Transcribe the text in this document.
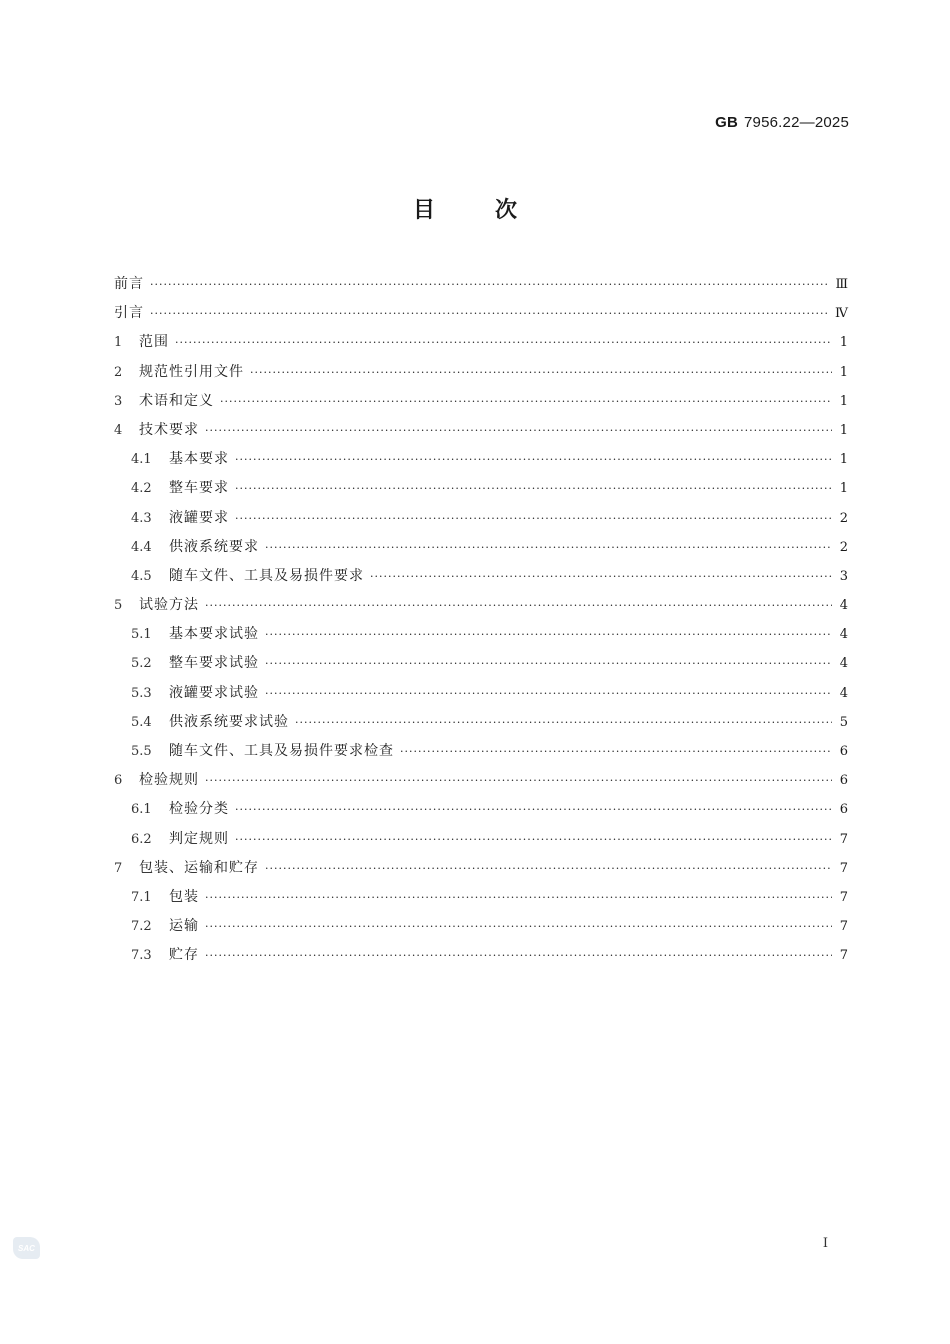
GB 7956.22—2025
目次
前言 ·····	Ⅲ
引言 ·····	Ⅳ
1	范围 ·····	1
2	规范性引用文件 ·····	1
3	术语和定义 ·····	1
4	技术要求 ·····	1
4.1	基本要求 ·····	1
4.2	整车要求 ·····	1
4.3	液罐要求 ·····	2
4.4	供液系统要求 ·····	2
4.5	随车文件、工具及易损件要求 ·····	3
5	试验方法 ·····	4
5.1	基本要求试验 ·····	4
5.2	整车要求试验 ·····	4
5.3	液罐要求试验 ·····	4
5.4	供液系统要求试验 ·····	5
5.5	随车文件、工具及易损件要求检查 ·····	6
6	检验规则 ·····	6
6.1	检验分类 ·····	6
6.2	判定规则 ·····	7
7	包装、运输和贮存 ·····	7
7.1	包装 ·····	7
7.2	运输 ·····	7
7.3	贮存 ·····	7
SAC	I
